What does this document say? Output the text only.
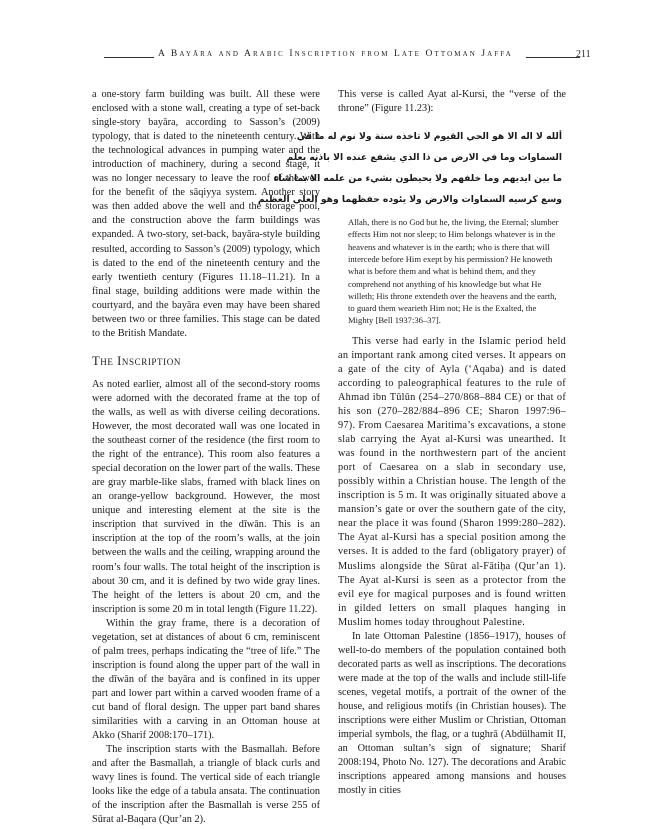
A Bayāra and Arabic Inscription from Late Ottoman Jaffa	211

a one-story farm building was built. All these were enclosed with a stone wall, creating a type of set-back single-story bayāra, according to Sasson’s (2009) typology, that is dated to the nineteenth century. With the technological advances in pumping water and the introduction of machinery, during a second stage, it was no longer necessary to leave the roof of the well for the benefit of the sāqiyya system. Another story was then added above the well and the storage pool, and the construction above the farm buildings was expanded. A two-story, set-back, bayāra-style building resulted, according to Sasson’s (2009) typology, which is dated to the end of the nineteenth century and the early twentieth century (Figures 11.18–11.21). In a final stage, building additions were made within the courtyard, and the bayāra even may have been shared between two or three families. This stage can be dated to the British Mandate.

The Inscription

As noted earlier, almost all of the second-story rooms were adorned with the decorated frame at the top of the walls, as well as with diverse ceiling decorations. However, the most decorated wall was one located in the southeast corner of the residence (the first room to the right of the entrance). This room also features a special decoration on the lower part of the walls. These are gray marble-like slabs, framed with black lines on an orange-yellow background. However, the most unique and interesting element at the site is the inscription that survived in the dīwān. This is an inscription at the top of the room’s walls, at the join between the walls and the ceiling, wrapping around the room’s four walls. The total height of the inscription is about 30 cm, and it is defined by two wide gray lines. The height of the letters is about 20 cm, and the inscription is some 20 m in total length (Figure 11.22).

Within the gray frame, there is a decoration of vegetation, set at distances of about 6 cm, reminiscent of palm trees, perhaps indicating the “tree of life.” The inscription is found along the upper part of the wall in the dīwān of the bayāra and is confined in its upper part and lower part within a carved wooden frame of a cut band of floral design. The upper part band shares similarities with a carving in an Ottoman house at Akko (Sharif 2008:170–171).

The inscription starts with the Basmallah. Before and after the Basmallah, a triangle of black curls and wavy lines is found. The vertical side of each triangle looks like the edge of a tabula ansata. The continuation of the inscription after the Basmallah is verse 255 of Sūrat al-Baqara (Qur’an 2).

This verse is called Ayat al-Kursi, the “verse of the throne” (Figure 11.23):

ألله لا اله الا هو الحي القيوم لا تاخذه سنة ولا نوم له ما في
السماوات وما في الارض من ذا الذي يشفع عنده الا باذنه يعلم
ما بين ايديهم وما خلفهم ولا يحيطون بشيء من علمه الا بما شاء
وسع كرسيه السماوات والارض ولا يئوده حفظهما وهو العلي العظيم

Allah, there is no God but he, the living, the Eternal; slumber effects Him not nor sleep; to Him belongs whatever is in the heavens and whatever is in the earth; who is there that will intercede before Him exept by his permission? He knoweth what is before them and what is behind them, and they comprehend not anything of his knowledge but what He willeth; His throne extendeth over the heavens and the earth, to guard them wearieth Him not; He is the Exalted, the Mighty [Bell 1937:36–37].

This verse had early in the Islamic period held an important rank among cited verses. It appears on a gate of the city of Ayla (‘Aqaba) and is dated according to paleographical features to the rule of Ahmad ibn Tūlūn (254–270/868–884 CE) or that of his son (270–282/884–896 CE; Sharon 1997:96–97). From Caesarea Maritima’s excavations, a stone slab carrying the Ayat al-Kursi was unearthed. It was found in the northwestern part of the ancient port of Caesarea on a slab in secondary use, possibly within a Christian house. The length of the inscription is 5 m. It was originally situated above a mansion’s gate or over the southern gate of the city, near the place it was found (Sharon 1999:280–282). The Ayat al-Kursi has a special position among the verses. It is added to the fard (obligatory prayer) of Muslims alongside the Sūrat al-Fātiḥa (Qur’an 1). The Ayat al-Kursi is seen as a protector from the evil eye for magical purposes and is found written in gilded letters on small plaques hanging in Muslim homes today throughout Palestine.

In late Ottoman Palestine (1856–1917), houses of well-to-do members of the population contained both decorated parts as well as inscriptions. The decorations were made at the top of the walls and include still-life scenes, vegetal motifs, a portrait of the owner of the house, and religious motifs (in Christian houses). The inscriptions were either Muslim or Christian, Ottoman imperial symbols, the flag, or a tughrā (Abdülhamit II, an Ottoman sultan’s sign of signature; Sharif 2008:194, Photo No. 127). The decorations and Arabic inscriptions appeared among mansions and houses mostly in cities
